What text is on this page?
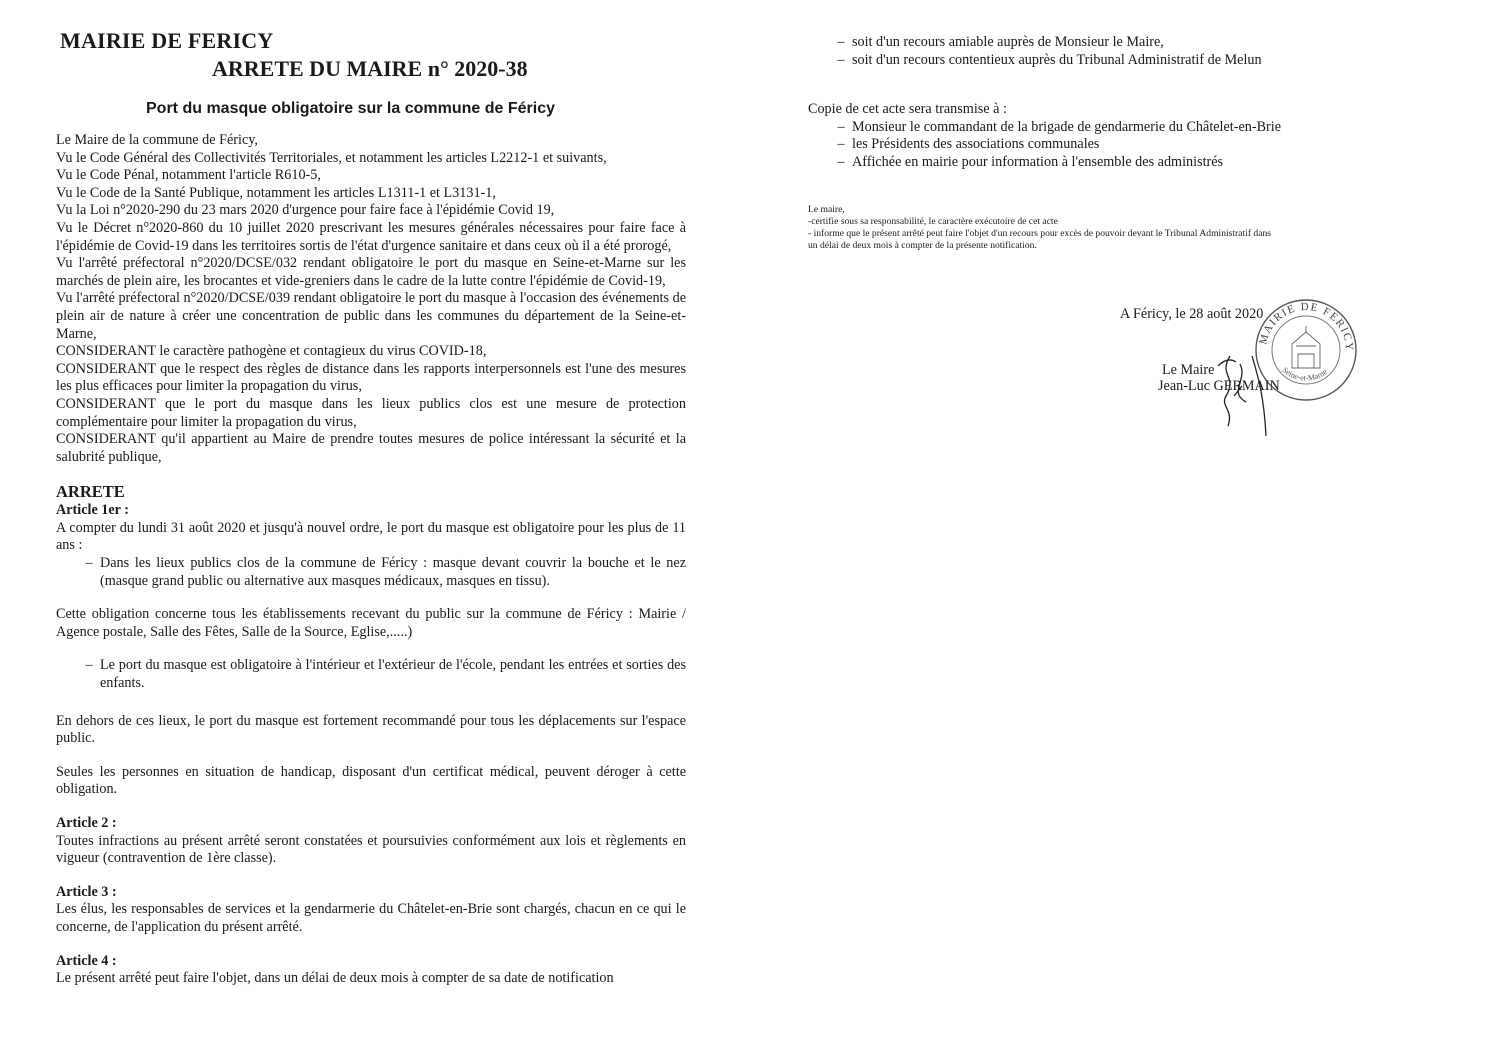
MAIRIE DE FERICY
ARRETE DU MAIRE n° 2020-38
Port du masque obligatoire sur la commune de Féricy

Le Maire de la commune de Féricy,

Vu le Code Général des Collectivités Territoriales, et notamment les articles L2212-1 et suivants,

Vu le Code Pénal, notamment l'article R610-5,

Vu le Code de la Santé Publique, notamment les articles L1311-1 et L3131-1,

Vu la Loi n°2020-290 du 23 mars 2020 d'urgence pour faire face à l'épidémie Covid 19,

Vu le Décret n°2020-860 du 10 juillet 2020 prescrivant les mesures générales nécessaires pour faire face à l'épidémie de Covid-19 dans les territoires sortis de l'état d'urgence sanitaire et dans ceux où il a été prorogé,

Vu l'arrêté préfectoral n°2020/DCSE/032 rendant obligatoire le port du masque en Seine-et-Marne sur les marchés de plein aire, les brocantes et vide-greniers dans le cadre de la lutte contre l'épidémie de Covid-19,

Vu l'arrêté préfectoral n°2020/DCSE/039 rendant obligatoire le port du masque à l'occasion des événements de plein air de nature à créer une concentration de public dans les communes du département de la Seine-et-Marne,

CONSIDERANT le caractère pathogène et contagieux du virus COVID-18,

CONSIDERANT que le respect des règles de distance dans les rapports interpersonnels est l'une des mesures les plus efficaces pour limiter la propagation du virus,

CONSIDERANT que le port du masque dans les lieux publics clos est une mesure de protection complémentaire pour limiter la propagation du virus,

CONSIDERANT qu'il appartient au Maire de prendre toutes mesures de police intéressant la sécurité et la salubrité publique,

ARRETE

Article 1er :

A compter du lundi 31 août 2020 et jusqu'à nouvel ordre, le port du masque est obligatoire pour les plus de 11 ans :

– Dans les lieux publics clos de la commune de Féricy : masque devant couvrir la bouche et le nez (masque grand public ou alternative aux masques médicaux, masques en tissu).

Cette obligation concerne tous les établissements recevant du public sur la commune de Féricy : Mairie / Agence postale, Salle des Fêtes, Salle de la Source, Eglise,.....)

– Le port du masque est obligatoire à l'intérieur et l'extérieur de l'école, pendant les entrées et sorties des enfants.

En dehors de ces lieux, le port du masque est fortement recommandé pour tous les déplacements sur l'espace public.

Seules les personnes en situation de handicap, disposant d'un certificat médical, peuvent déroger à cette obligation.

Article 2 :

Toutes infractions au présent arrêté seront constatées et poursuivies conformément aux lois et règlements en vigueur (contravention de 1ère classe).

Article 3 :

Les élus, les responsables de services et la gendarmerie du Châtelet-en-Brie sont chargés, chacun en ce qui le concerne, de l'application du présent arrêté.

Article 4 :

Le présent arrêté peut faire l'objet, dans un délai de deux mois à compter de sa date de notification

– soit d'un recours amiable auprès de Monsieur le Maire,
– soit d'un recours contentieux auprès du Tribunal Administratif de Melun

Copie de cet acte sera transmise à :

– Monsieur le commandant de la brigade de gendarmerie du Châtelet-en-Brie
– les Présidents des associations communales
– Affichée en mairie pour information à l'ensemble des administrés

Le maire,

-certifie sous sa responsabilité, le caractère exécutoire de cet acte

- informe que le présent arrêté peut faire l'objet d'un recours pour excès de pouvoir devant le Tribunal Administratif dans

un délai de deux mois à compter de la présente notification.

MAIRIE DE FERICY
Seine-et-Marne
A Féricy, le 28 août 2020
Le Maire
Jean-Luc GERMAIN
